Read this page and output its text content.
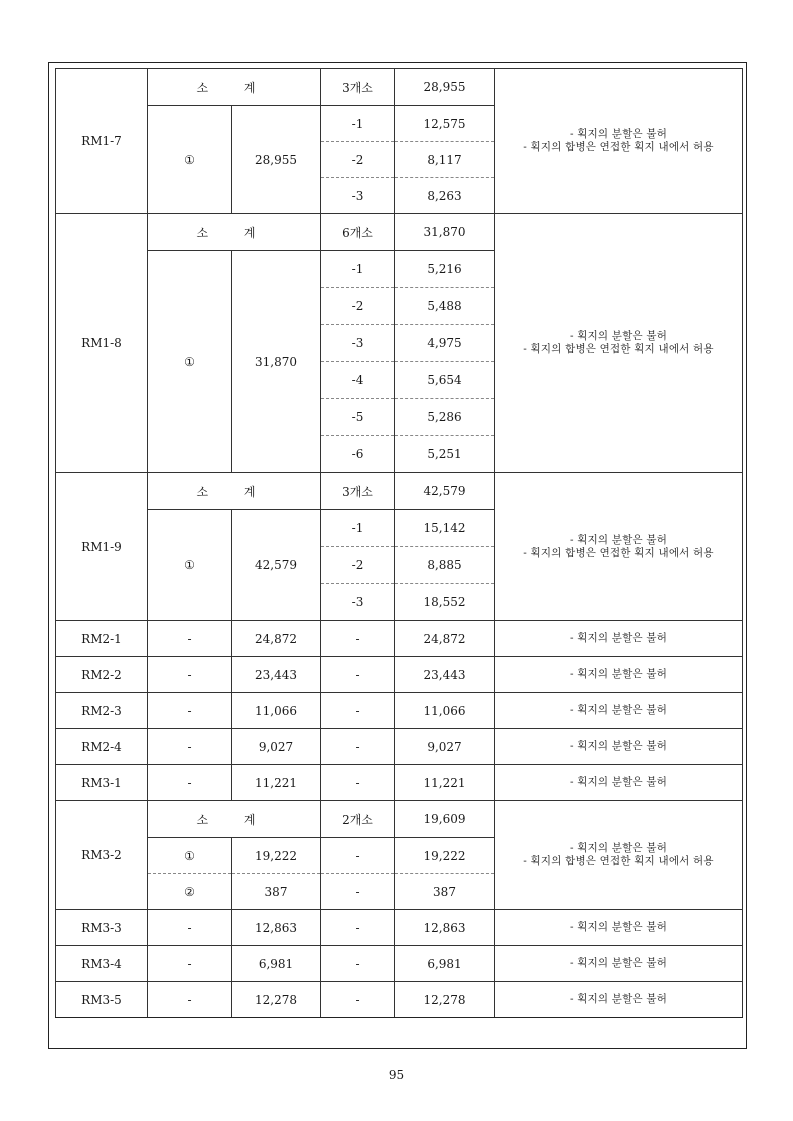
RM1-7	소 계		3개소	28,955	- 획지의 분할은 불허
- 획지의 합병은 연접한 획지 내에서 허용

	①	28,955	-1	12,575	
			-2	8,117	
			-3	8,263	
RM1-8	소 계		6개소	31,870	- 획지의 분할은 불허
- 획지의 합병은 연접한 획지 내에서 허용

	①	31,870	-1	5,216	
			-2	5,488	
			-3	4,975	
			-4	5,654	
			-5	5,286	
			-6	5,251	
RM1-9	소 계		3개소	42,579	- 획지의 분할은 불허
- 획지의 합병은 연접한 획지 내에서 허용

	①	42,579	-1	15,142	
			-2	8,885	
			-3	18,552	
RM2-1	-	24,872	-	24,872	- 획지의 분할은 불허

RM2-2	-	23,443	-	23,443	- 획지의 분할은 불허

RM2-3	-	11,066	-	11,066	- 획지의 분할은 불허

RM2-4	-	9,027	-	9,027	- 획지의 분할은 불허

RM3-1	-	11,221	-	11,221	- 획지의 분할은 불허

RM3-2	소 계		2개소	19,609	- 획지의 분할은 불허
- 획지의 합병은 연접한 획지 내에서 허용

	①	19,222	-	19,222	
	②	387	-	387	
RM3-3	-	12,863	-	12,863	- 획지의 분할은 불허

RM3-4	-	6,981	-	6,981	- 획지의 분할은 불허

RM3-5	-	12,278	-	12,278	- 획지의 분할은 불허
95
